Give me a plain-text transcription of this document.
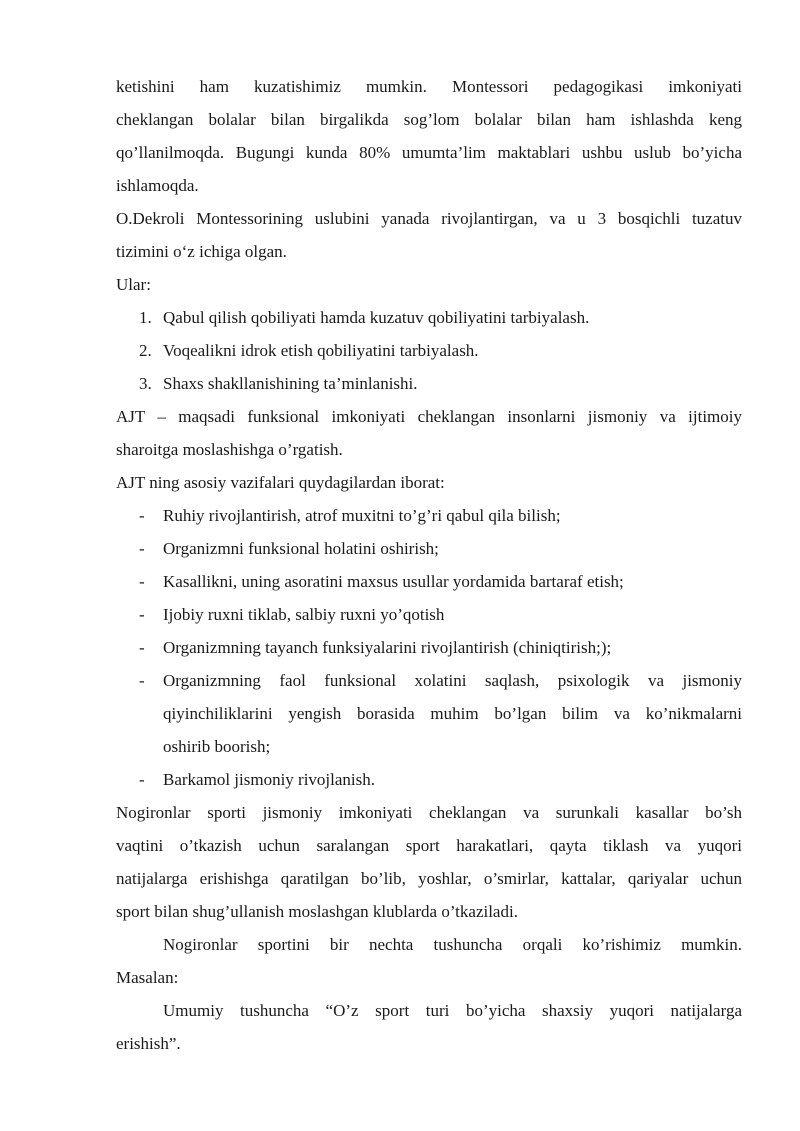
ketishini ham kuzatishimiz mumkin. Montessori pedagogikasi imkoniyati
cheklangan bolalar bilan birgalikda sog’lom bolalar bilan ham ishlashda keng
qo’llanilmoqda. Bugungi kunda 80% umumta’lim maktablari ushbu uslub bo’yicha
ishlamoqda.
O.Dekroli Montessorining uslubini yanada rivojlantirgan, va u 3 bosqichli tuzatuv
tizimini o‘z ichiga olgan.
Ular:
1. Qabul qilish qobiliyati hamda kuzatuv qobiliyatini tarbiyalash.
2. Voqealikni idrok etish qobiliyatini tarbiyalash.
3. Shaxs shakllanishining ta’minlanishi.
AJT – maqsadi funksional imkoniyati cheklangan insonlarni jismoniy va ijtimoiy
sharoitga moslashishga o’rgatish.
AJT ning asosiy vazifalari quydagilardan iborat:
- Ruhiy rivojlantirish, atrof muxitni to’g’ri qabul qila bilish;
- Organizmni funksional holatini oshirish;
- Kasallikni, uning asoratini maxsus usullar yordamida bartaraf etish;
- Ijobiy ruxni tiklab, salbiy ruxni yo’qotish
- Organizmning tayanch funksiyalarini rivojlantirish (chiniqtirish;);
- Organizmning faol funksional xolatini saqlash, psixologik va jismoniy
qiyinchiliklarini yengish borasida muhim bo’lgan bilim va ko’nikmalarni
oshirib boorish;
- Barkamol jismoniy rivojlanish.
Nogironlar sporti jismoniy imkoniyati cheklangan va surunkali kasallar bo’sh
vaqtini o’tkazish uchun saralangan sport harakatlari, qayta tiklash va yuqori
natijalarga erishishga qaratilgan bo’lib, yoshlar, o’smirlar, kattalar, qariyalar uchun
sport bilan shug’ullanish moslashgan klublarda o’tkaziladi.
Nogironlar sportini bir nechta tushuncha orqali ko’rishimiz mumkin.
Masalan:
Umumiy tushuncha “O’z sport turi bo’yicha shaxsiy yuqori natijalarga
erishish”.
